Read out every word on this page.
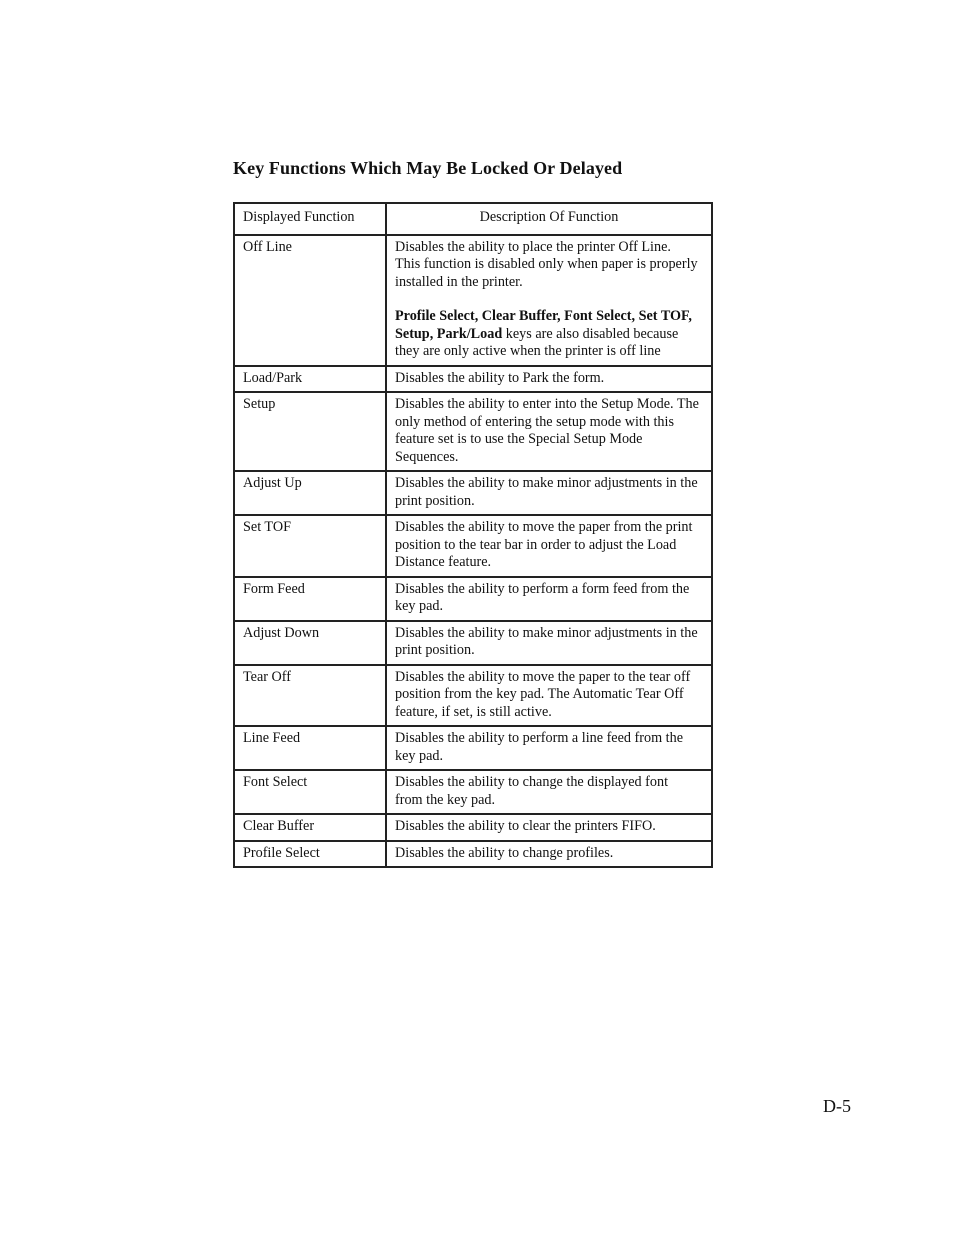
Key Functions Which May Be Locked Or Delayed
Displayed Function	Description Of Function
Off Line	Disables the ability to place the printer Off Line. This function is disabled only when paper is properly installed in the printer.
Profile Select, Clear Buffer, Font Select, Set TOF, Setup, Park/Load keys are also disabled because they are only active when the printer is off line

Load/Park	Disables the ability to Park the form.
Setup	Disables the ability to enter into the Setup Mode. The only method of entering the setup mode with this feature set is to use the Special Setup Mode Sequences.
Adjust Up	Disables the ability to make minor adjustments in the print position.
Set TOF	Disables the ability to move the paper from the print position to the tear bar in order to adjust the Load Distance feature.
Form Feed	Disables the ability to perform a form feed from the key pad.
Adjust Down	Disables the ability to make minor adjustments in the print position.
Tear Off	Disables the ability to move the paper to the tear off position from the key pad. The Automatic Tear Off feature, if set, is still active.
Line Feed	Disables the ability to perform a line feed from the key pad.
Font Select	Disables the ability to change the displayed font from the key pad.
Clear Buffer	Disables the ability to clear the printers FIFO.
Profile Select	Disables the ability to change profiles.
D-5
